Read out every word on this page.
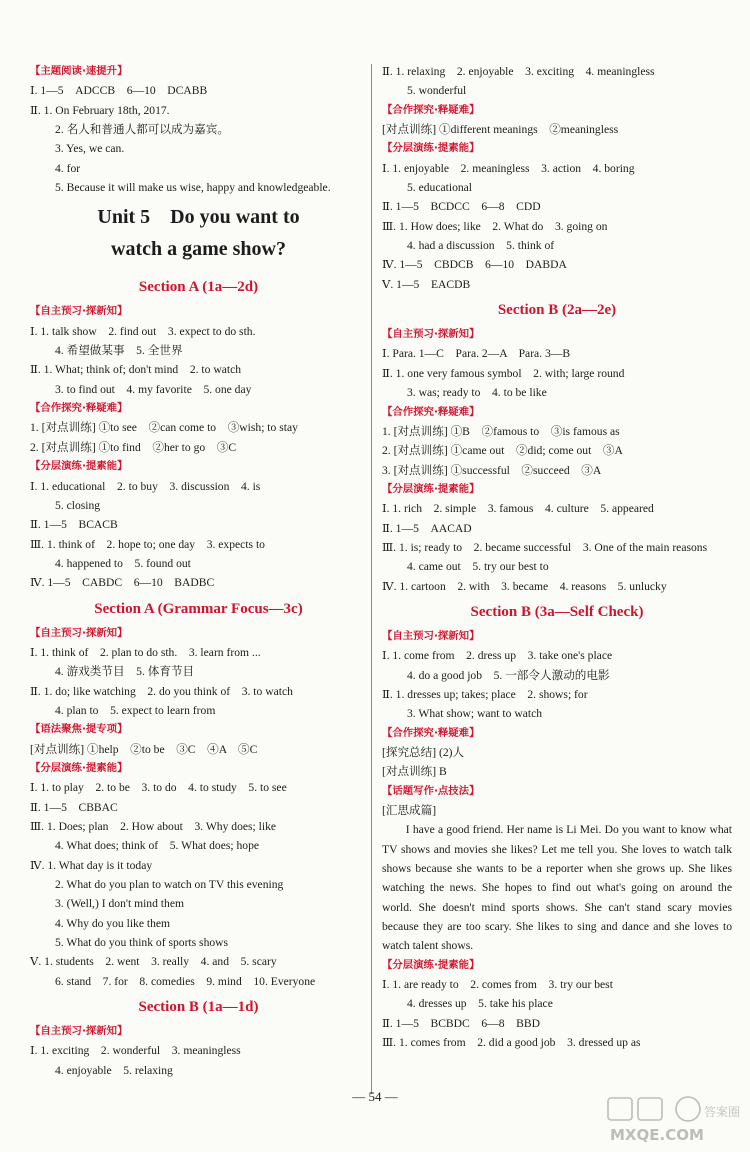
【主题阅读·速提升】
Ⅰ. 1—5　ADCCB　6—10　DCABB
Ⅱ. 1. On February 18th, 2017.
2. 名人和普通人都可以成为嘉宾。
3. Yes, we can.
4. for
5. Because it will make us wise, happy and knowledgeable.
Unit 5　Do you want to
watch a game show?
Section A (1a—2d)
【自主预习·探新知】
Ⅰ. 1. talk show　2. find out　3. expect to do sth.
4. 希望做某事　5. 全世界
Ⅱ. 1. What; think of; don't mind　2. to watch
3. to find out　4. my favorite　5. one day
【合作探究·释疑难】
1. [对点训练] ①to see　②can come to　③wish; to stay
2. [对点训练] ①to find　②her to go　③C
【分层演练·提素能】
Ⅰ. 1. educational　2. to buy　3. discussion　4. is
5. closing
Ⅱ. 1—5　BCACB
Ⅲ. 1. think of　2. hope to; one day　3. expects to
4. happened to　5. found out
Ⅳ. 1—5　CABDC　6—10　BADBC
Section A (Grammar Focus—3c)
【自主预习·探新知】
Ⅰ. 1. think of　2. plan to do sth.　3. learn from ...
4. 游戏类节目　5. 体育节目
Ⅱ. 1. do; like watching　2. do you think of　3. to watch
4. plan to　5. expect to learn from
【语法聚焦·提专项】
[对点训练] ①help　②to be　③C　④A　⑤C
【分层演练·提素能】
Ⅰ. 1. to play　2. to be　3. to do　4. to study　5. to see
Ⅱ. 1—5　CBBAC
Ⅲ. 1. Does; plan　2. How about　3. Why does; like
4. What does; think of　5. What does; hope
Ⅳ. 1. What day is it today
2. What do you plan to watch on TV this evening
3. (Well,) I don't mind them
4. Why do you like them
5. What do you think of sports shows
Ⅴ. 1. students　2. went　3. really　4. and　5. scary
6. stand　7. for　8. comedies　9. mind　10. Everyone
Section B (1a—1d)
【自主预习·探新知】
Ⅰ. 1. exciting　2. wonderful　3. meaningless
4. enjoyable　5. relaxing
Ⅱ. 1. relaxing　2. enjoyable　3. exciting　4. meaningless
5. wonderful
【合作探究·释疑难】
[对点训练] ①different meanings　②meaningless
【分层演练·提素能】
Ⅰ. 1. enjoyable　2. meaningless　3. action　4. boring
5. educational
Ⅱ. 1—5　BCDCC　6—8　CDD
Ⅲ. 1. How does; like　2. What do　3. going on
4. had a discussion　5. think of
Ⅳ. 1—5　CBDCB　6—10　DABDA
Ⅴ. 1—5　EACDB
Section B (2a—2e)
【自主预习·探新知】
Ⅰ. Para. 1—C　Para. 2—A　Para. 3—B
Ⅱ. 1. one very famous symbol　2. with; large round
3. was; ready to　4. to be like
【合作探究·释疑难】
1. [对点训练] ①B　②famous to　③is famous as
2. [对点训练] ①came out　②did; come out　③A
3. [对点训练] ①successful　②succeed　③A
【分层演练·提素能】
Ⅰ. 1. rich　2. simple　3. famous　4. culture　5. appeared
Ⅱ. 1—5　AACAD
Ⅲ. 1. is; ready to　2. became successful　3. One of the main reasons
4. came out　5. try our best to
Ⅳ. 1. cartoon　2. with　3. became　4. reasons　5. unlucky
Section B (3a—Self Check)
【自主预习·探新知】
Ⅰ. 1. come from　2. dress up　3. take one's place
4. do a good job　5. 一部令人激动的电影
Ⅱ. 1. dresses up; takes; place　2. shows; for
3. What show; want to watch
【合作探究·释疑难】
[探究总结] (2)人
[对点训练] B
【话题写作·点技法】
[汇思成篇]
　　I have a good friend. Her name is Li Mei. Do you want to know what TV shows and movies she likes? Let me tell you. She loves to watch talk shows because she wants to be a reporter when she grows up. She likes watching the news. She hopes to find out what's going on around the world. She doesn't mind sports shows. She can't stand scary movies because they are too scary. She likes to sing and dance and she loves to watch talent shows.
【分层演练·提素能】
Ⅰ. 1. are ready to　2. comes from　3. try our best
4. dresses up　5. take his place
Ⅱ. 1—5　BCBDC　6—8　BBD
Ⅲ. 1. comes from　2. did a good job　3. dressed up as
— 54 —
答案圈
MXQE.COM
